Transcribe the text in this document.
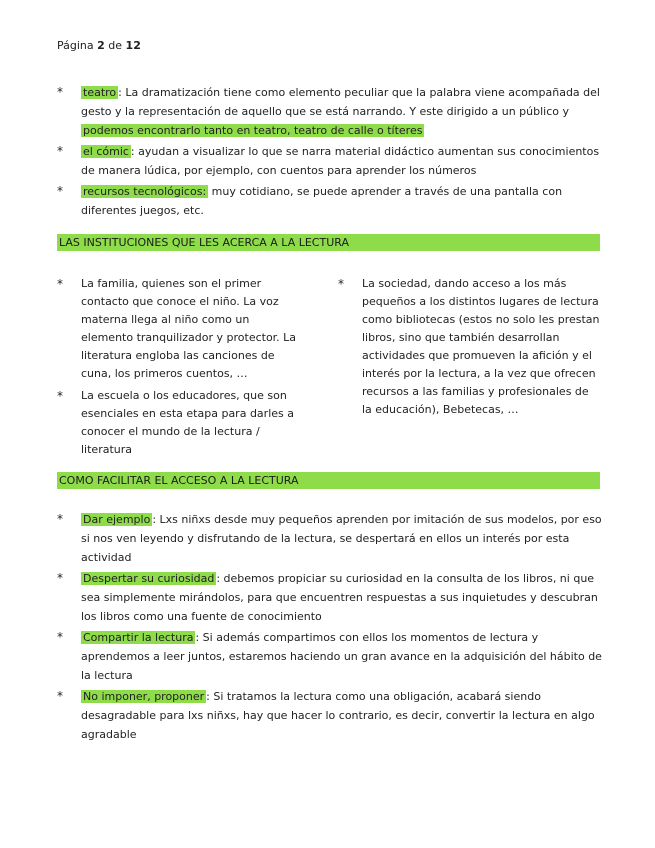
Página 2 de 12

* teatro : La dramatización tiene como elemento peculiar que la palabra viene acompañada del gesto y la representación de aquello que se está narrando. Y este dirigido a un público y podemos encontrarlo tanto en teatro, teatro de calle o títeres

* el cómic : ayudan a visualizar lo que se narra material didáctico aumentan sus conocimientos de manera lúdica, por ejemplo, con cuentos para aprender los números

* recursos tecnológicos: muy cotidiano, se puede aprender a través de una pantalla con diferentes juegos, etc.

LAS INSTITUCIONES QUE LES ACERCA A LA LECTURA

* La familia, quienes son el primer contacto que conoce el niño. La voz materna llega al niño como un elemento tranquilizador y protector. La literatura engloba las canciones de cuna, los primeros cuentos, …

* La escuela o los educadores, que son esenciales en esta etapa para darles a conocer el mundo de la lectura / literatura

* La sociedad, dando acceso a los más pequeños a los distintos lugares de lectura como bibliotecas (estos no solo les prestan libros, sino que también desarrollan actividades que promueven la afición y el interés por la lectura, a la vez que ofrecen recursos a las familias y profesionales de la educación), Bebetecas, …

COMO FACILITAR EL ACCESO A LA LECTURA

* Dar ejemplo : Lxs niñxs desde muy pequeños aprenden por imitación de sus modelos, por eso si nos ven leyendo y disfrutando de la lectura, se despertará en ellos un interés por esta actividad

* Despertar su curiosidad : debemos propiciar su curiosidad en la consulta de los libros, ni que sea simplemente mirándolos, para que encuentren respuestas a sus inquietudes y descubran los libros como una fuente de conocimiento

* Compartir la lectura : Si además compartimos con ellos los momentos de lectura y aprendemos a leer juntos, estaremos haciendo un gran avance en la adquisición del hábito de la lectura

* No imponer, proponer : Si tratamos la lectura como una obligación, acabará siendo desagradable para lxs niñxs, hay que hacer lo contrario, es decir, convertir la lectura en algo agradable
